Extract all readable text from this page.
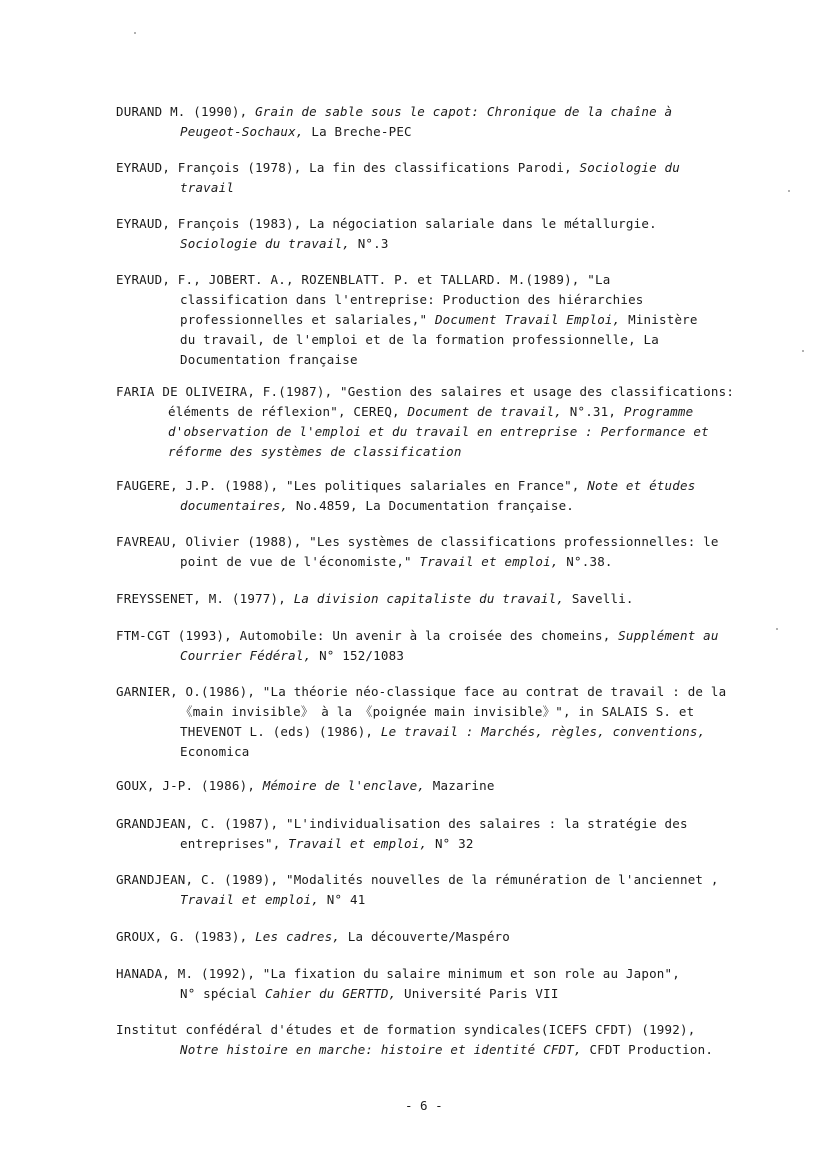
DURAND M. (1990), Grain de sable sous le capot: Chronique de la chaîne à
Peugeot-Sochaux, La Breche-PEC
EYRAUD, François (1978), La fin des classifications Parodi, Sociologie du
travail
EYRAUD, François (1983), La négociation salariale dans le métallurgie.
Sociologie du travail, N°.3
EYRAUD, F., JOBERT. A., ROZENBLATT. P. et TALLARD. M.(1989), "La
classification dans l'entreprise: Production des hiérarchies
professionnelles et salariales," Document Travail Emploi, Ministère
du travail, de l'emploi et de la formation professionnelle, La
Documentation française
FARIA DE OLIVEIRA, F.(1987), "Gestion des salaires et usage des classifications:
éléments de réflexion", CEREQ, Document de travail, N°.31, Programme
d'observation de l'emploi et du travail en entreprise : Performance et
réforme des systèmes de classification
FAUGERE, J.P. (1988), "Les politiques salariales en France", Note et études
documentaires, No.4859, La Documentation française.
FAVREAU, Olivier (1988), "Les systèmes de classifications professionnelles: le
point de vue de l'économiste," Travail et emploi, N°.38.
FREYSSENET, M. (1977), La division capitaliste du travail, Savelli.
FTM-CGT (1993), Automobile: Un avenir à la croisée des chomeins, Supplément au
Courrier Fédéral, N° 152/1083
GARNIER, O.(1986), "La théorie néo-classique face au contrat de travail : de la
《main invisible》 à la 《poignée main invisible》", in SALAIS S. et
THEVENOT L. (eds) (1986), Le travail : Marchés, règles, conventions,
Economica
GOUX, J-P. (1986), Mémoire de l'enclave, Mazarine
GRANDJEAN, C. (1987), "L'individualisation des salaires : la stratégie des
entreprises", Travail et emploi, N° 32
GRANDJEAN, C. (1989), "Modalités nouvelles de la rémunération de l'anciennet ,
Travail et emploi, N° 41
GROUX, G. (1983), Les cadres, La découverte/Maspéro
HANADA, M. (1992), "La fixation du salaire minimum et son role au Japon",
N° spécial Cahier du GERTTD, Université Paris VII
Institut confédéral d'études et de formation syndicales(ICEFS CFDT) (1992),
Notre histoire en marche: histoire et identité CFDT, CFDT Production.
- 6 -
